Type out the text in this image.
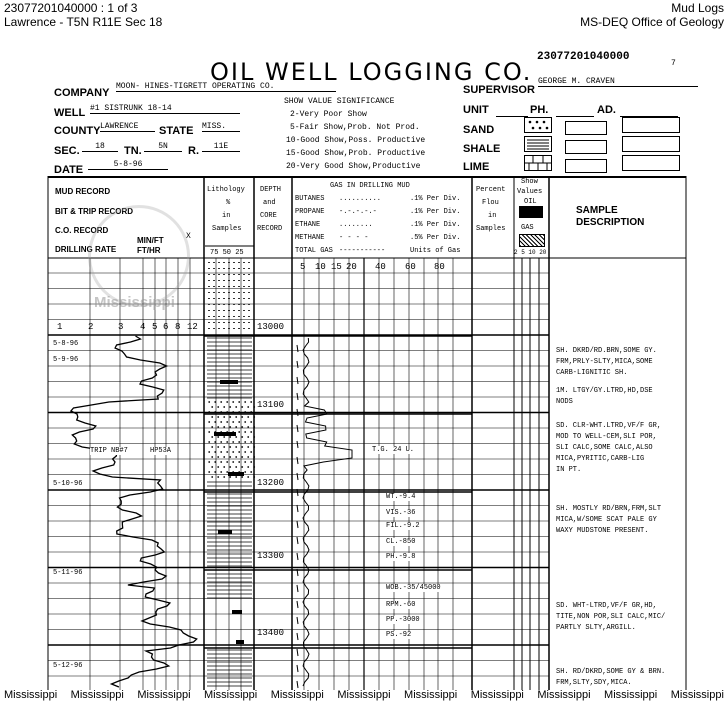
23077201040000 : 1 of 3
Lawrence - T5N R11E Sec 18
Mud Logs
MS-DEQ Office of Geology
23077201040000
7
OIL WELL LOGGING CO.
COMPANY
MOON- HINES-TIGRETT OPERATING CO.	SUPERVISOR
GEORGE M. CRAVEN
WELL #1 SISTRUNK 18-14
COUNTY LAWRENCE	STATE MISS.
SEC.	18	TN.	5N	R.	11E
DATE	5-8-96
SHOW VALUE SIGNIFICANCE
2-Very Poor Show
5-Fair Show,Prob. Not Prod.
10-Good Show,Poss. Productive
15-Good Show,Prob. Productive
20-Very Good Show,Productive
UNIT	PH.	AD.
SAND
SHALE
LIME
MUD RECORD
BIT & TRIP RECORD
C.O. RECORD
DRILLING RATE
MIN/FT
FT/HR
X
Lithology
%
in
Samples
75 50 25
DEPTH
and
CORE
RECORD
GAS IN DRILLING MUD
BUTANES ..........	.1% Per Div.
PROPANE -.-.-.-.-	.1% Per Div.
ETHANE	........	.1% Per Div.
METHANE - - - -	.5% Per Div.
TOTAL GAS -----------	Units of Gas
Percent
Flou
in
Samples
Show
Values
OIL
GAS
2 5 10 20
SAMPLE
DESCRIPTION
5 10 15 20 40 60 80
1	2	3 4 5 6 8 12	13000
13100
13200
13300
13400
5-8-96
5-9-96
5-10-96
5-11-96
5-12-96
TRIP NB#7	HP53A	T.G. 24 U.
WT.-9.4
VIS.-36
FIL.-9.2
CL.-850
PH.-9.8
WOB.-35/45000
RPM.-60
PP.-3000
PS.-92
SH. DKRD/RD.BRN,SOME GY.
FRM,PRLY-SLTY,MICA,SOME
CARB-LIGNITIC SH.
1M. LTGY/GY.LTRD,HD,DSE
NODS
SD. CLR-WHT.LTRD,VF/F GR,
MOD TO WELL-CEM,SLI POR,
SLI CALC,SOME CALC,ALSO
MICA,PYRITIC,CARB-LIG
IN PT.
SH. MOSTLY RD/BRN,FRM,SLT
MICA,W/SOME SCAT PALE GY
WAXY MUDSTONE PRESENT.
SD. WHT-LTRD,VF/F GR,HD,
TITE,NON POR,SLI CALC,MIC/
PARTLY SLTY,ARGILL.
SH. RD/DKRD,SOME GY & BRN.
FRM,SLTY,SDY,MICA.
Mississippi
Mississippi Mississippi Mississippi Mississippi Mississippi Mississippi Mississippi Mississippi Mississippi Mississippi Mississippi
